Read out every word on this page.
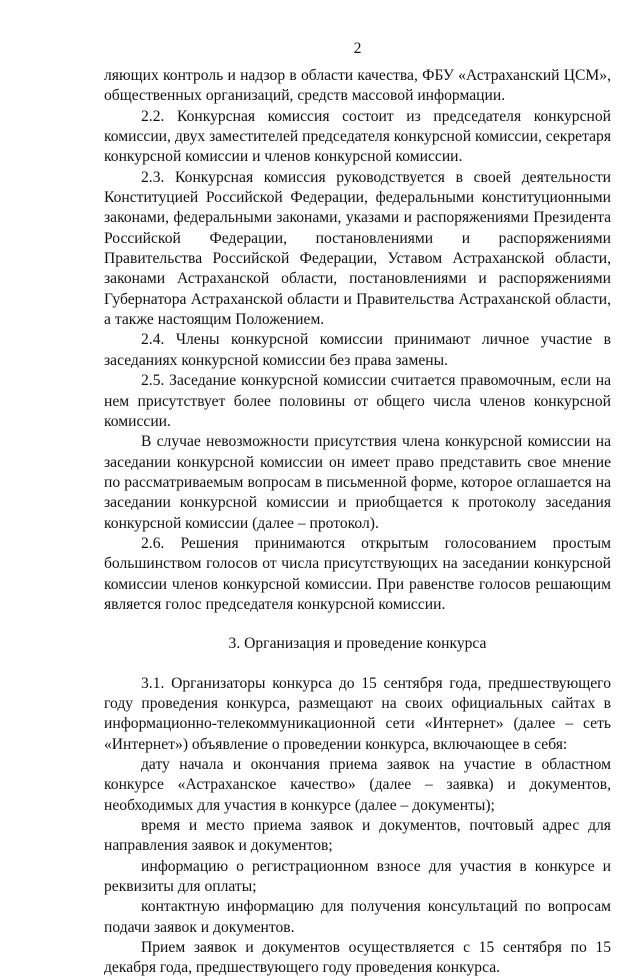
2

ляющих контроль и надзор в области качества, ФБУ «Астраханский ЦСМ», общественных организаций, средств массовой информации.

2.2. Конкурсная комиссия состоит из председателя конкурсной комиссии, двух заместителей председателя конкурсной комиссии, секретаря конкурсной комиссии и членов конкурсной комиссии.

2.3. Конкурсная комиссия руководствуется в своей деятельности Конституцией Российской Федерации, федеральными конституционными законами, федеральными законами, указами и распоряжениями Президента Российской Федерации, постановлениями и распоряжениями Правительства Российской Федерации, Уставом Астраханской области, законами Астраханской области, постановлениями и распоряжениями Губернатора Астраханской области и Правительства Астраханской области, а также настоящим Положением.

2.4. Члены конкурсной комиссии принимают личное участие в заседаниях конкурсной комиссии без права замены.

2.5. Заседание конкурсной комиссии считается правомочным, если на нем присутствует более половины от общего числа членов конкурсной комиссии.

В случае невозможности присутствия члена конкурсной комиссии на заседании конкурсной комиссии он имеет право представить свое мнение по рассматриваемым вопросам в письменной форме, которое оглашается на заседании конкурсной комиссии и приобщается к протоколу заседания конкурсной комиссии (далее – протокол).

2.6. Решения принимаются открытым голосованием простым большинством голосов от числа присутствующих на заседании конкурсной комиссии членов конкурсной комиссии. При равенстве голосов решающим является голос председателя конкурсной комиссии.

3. Организация и проведение конкурса

3.1. Организаторы конкурса до 15 сентября года, предшествующего году проведения конкурса, размещают на своих официальных сайтах в информационно-телекоммуникационной сети «Интернет» (далее – сеть «Интернет») объявление о проведении конкурса, включающее в себя:

дату начала и окончания приема заявок на участие в областном конкурсе «Астраханское качество» (далее – заявка) и документов, необходимых для участия в конкурсе (далее – документы);

время и место приема заявок и документов, почтовый адрес для направления заявок и документов;

информацию о регистрационном взносе для участия в конкурсе и реквизиты для оплаты;

контактную информацию для получения консультаций по вопросам подачи заявок и документов.

Прием заявок и документов осуществляется с 15 сентября по 15 декабря года, предшествующего году проведения конкурса.
